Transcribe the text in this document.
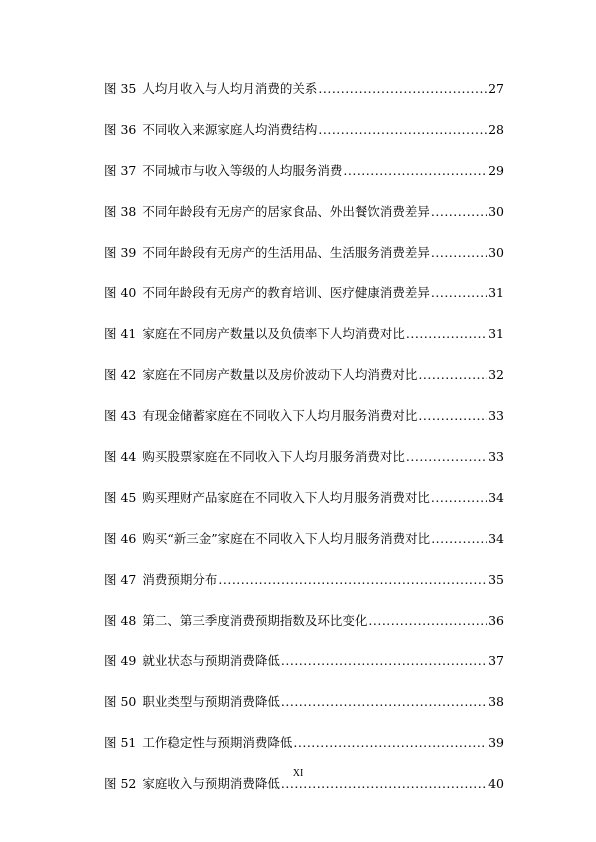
图 35 人均月收入与人均月消费的关系 .....	27
图 36 不同收入来源家庭人均消费结构 .....	28
图 37 不同城市与收入等级的人均服务消费 .....	29
图 38 不同年龄段有无房产的居家食品、外出餐饮消费差异 .....	30
图 39 不同年龄段有无房产的生活用品、生活服务消费差异 .....	30
图 40 不同年龄段有无房产的教育培训、医疗健康消费差异 .....	31
图 41 家庭在不同房产数量以及负债率下人均消费对比 .....	31
图 42 家庭在不同房产数量以及房价波动下人均消费对比 .....	32
图 43 有现金储蓄家庭在不同收入下人均月服务消费对比 .....	33
图 44 购买股票家庭在不同收入下人均月服务消费对比 .....	33
图 45 购买理财产品家庭在不同收入下人均月服务消费对比 .....	34
图 46 购买“新三金”家庭在不同收入下人均月服务消费对比 .....	34
图 47 消费预期分布 .....	35
图 48 第二、第三季度消费预期指数及环比变化 .....	36
图 49 就业状态与预期消费降低 .....	37
图 50 职业类型与预期消费降低 .....	38
图 51 工作稳定性与预期消费降低 .....	39
图 52 家庭收入与预期消费降低 .....	40
XI
